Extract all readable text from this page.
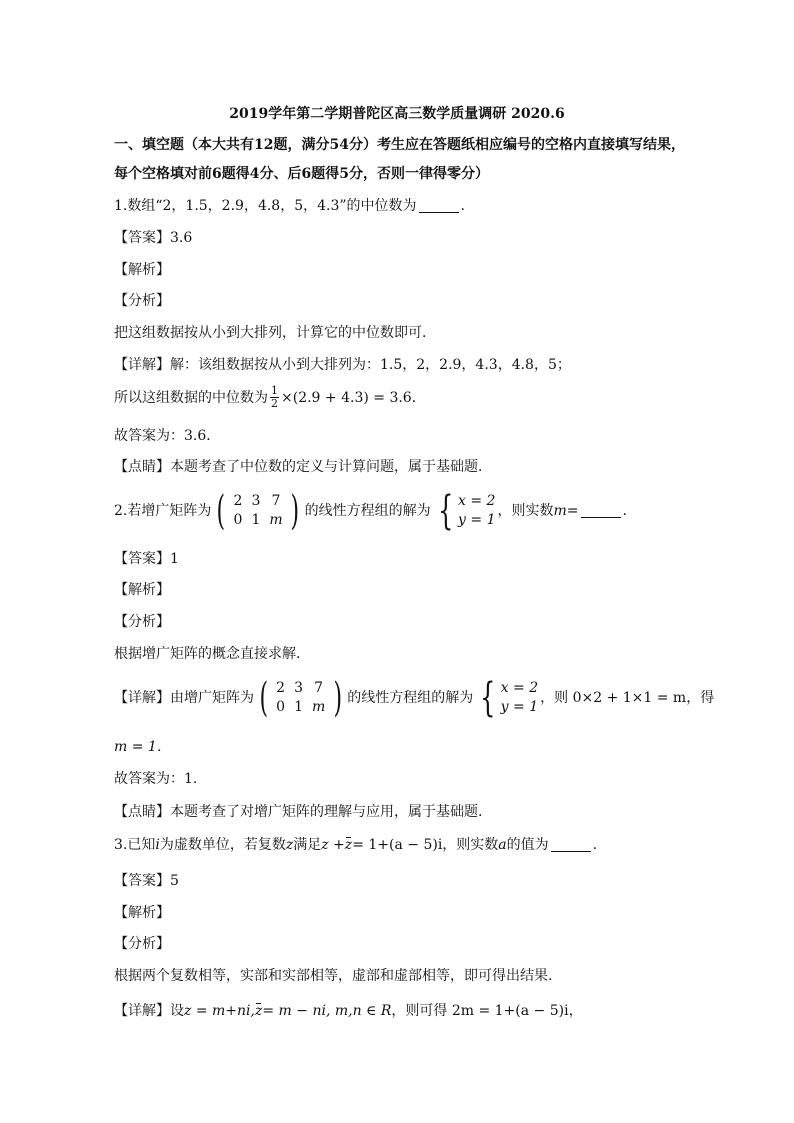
2019学年第二学期普陀区高三数学质量调研 2020.6
一、填空题（本大共有12题，满分54分）考生应在答题纸相应编号的空格内直接填写结果，
每个空格填对前6题得4分、后6题得5分，否则一律得零分）
1.数组“2，1.5，2.9，4.8，5，4.3”的中位数为	.
【答案】 3.6
【解析】
【分析】
把这组数据按从小到大排列，计算它的中位数即可．
【详解】 解：该组数据按从小到大排列为：1.5，2，2.9，4.3，4.8，5；
所以这组数据的中位数为 $\frac{1}{2} \times(2.9 + 4.3) = 3.6$．
故答案为：3.6．
【点睛】 本题考查了中位数的定义与计算问题，属于基础题．
2.若增广矩阵为 ( 2 3 7
0 1 m ) 的线性方程组的解为 { x = 2
y = 1
，则实数 m =	.
【答案】 1
【解析】
【分析】
根据增广矩阵的概念直接求解.
【详解】 由增广矩阵为 ( 2 3 7
0 1 m ) 的线性方程组的解为 { x = 2
y = 1
，则 0×2 + 1×1 = m，得
m = 1．
故答案为：1.
【点睛】 本题考查了对增广矩阵的理解与应用，属于基础题.
3.已知 i 为虚数单位，若复数 z 满足 z + z = 1+(a − 5)i ，则实数 a 的值为	.
【答案】 5
【解析】
【分析】
根据两个复数相等，实部和实部相等，虚部和虚部相等，即可得出结果.
【详解】 设 z = m+ni, z = m − ni, m,n ∈ R ，则可得 2m = 1+(a − 5)i，
